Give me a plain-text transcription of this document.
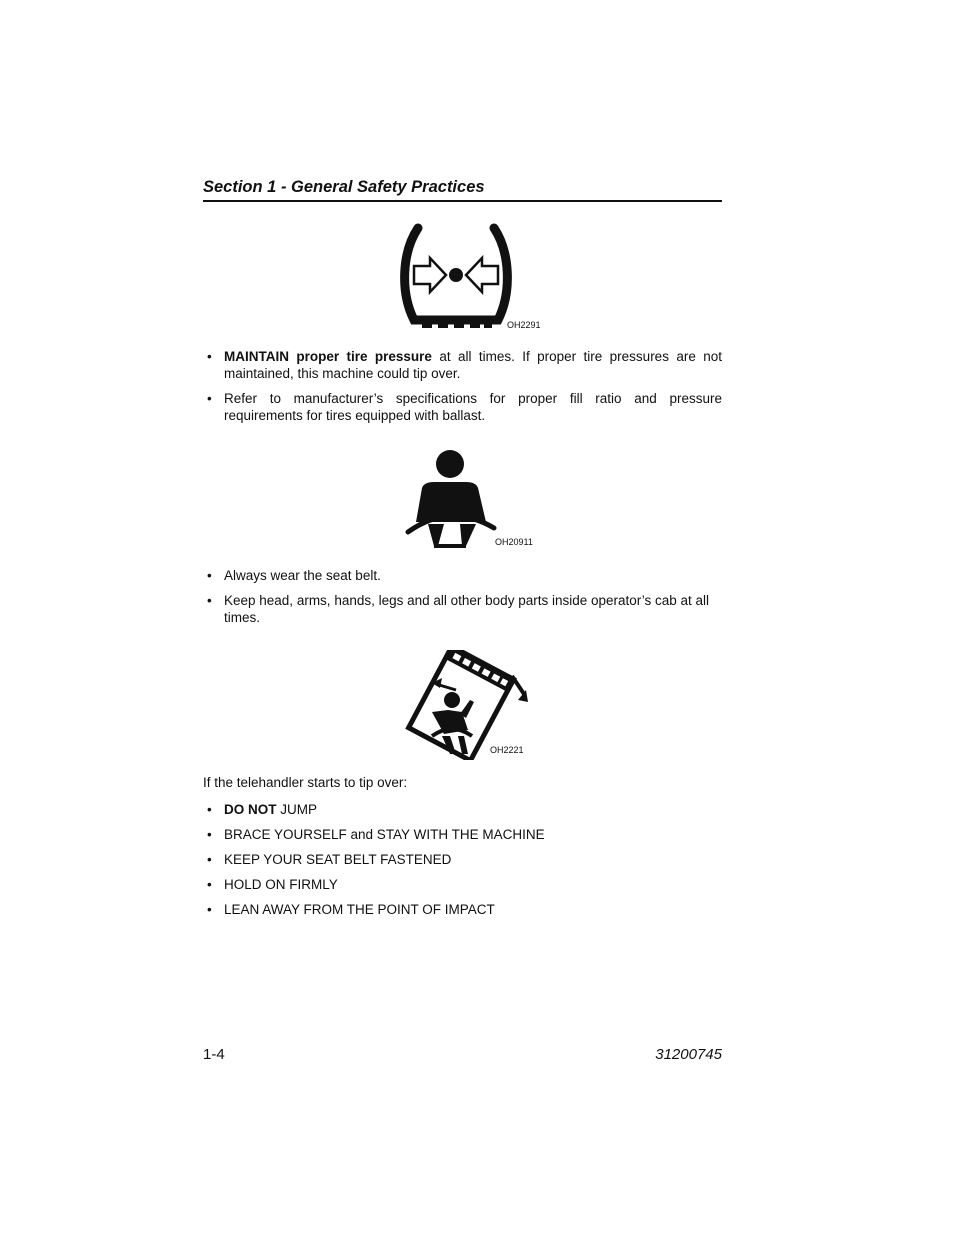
Section 1 - General Safety Practices
OH2291
• MAINTAIN proper tire pressure at all times. If proper tire pressures are not maintained, this machine could tip over.
• Refer to manufacturer’s specifications for proper fill ratio and pressure requirements for tires equipped with ballast.
OH20911
• Always wear the seat belt.
• Keep head, arms, hands, legs and all other body parts inside operator’s cab at all times.
OH2221
If the telehandler starts to tip over:
• DO NOT JUMP
• BRACE YOURSELF and STAY WITH THE MACHINE
• KEEP YOUR SEAT BELT FASTENED
• HOLD ON FIRMLY
• LEAN AWAY FROM THE POINT OF IMPACT
1-4	31200745
